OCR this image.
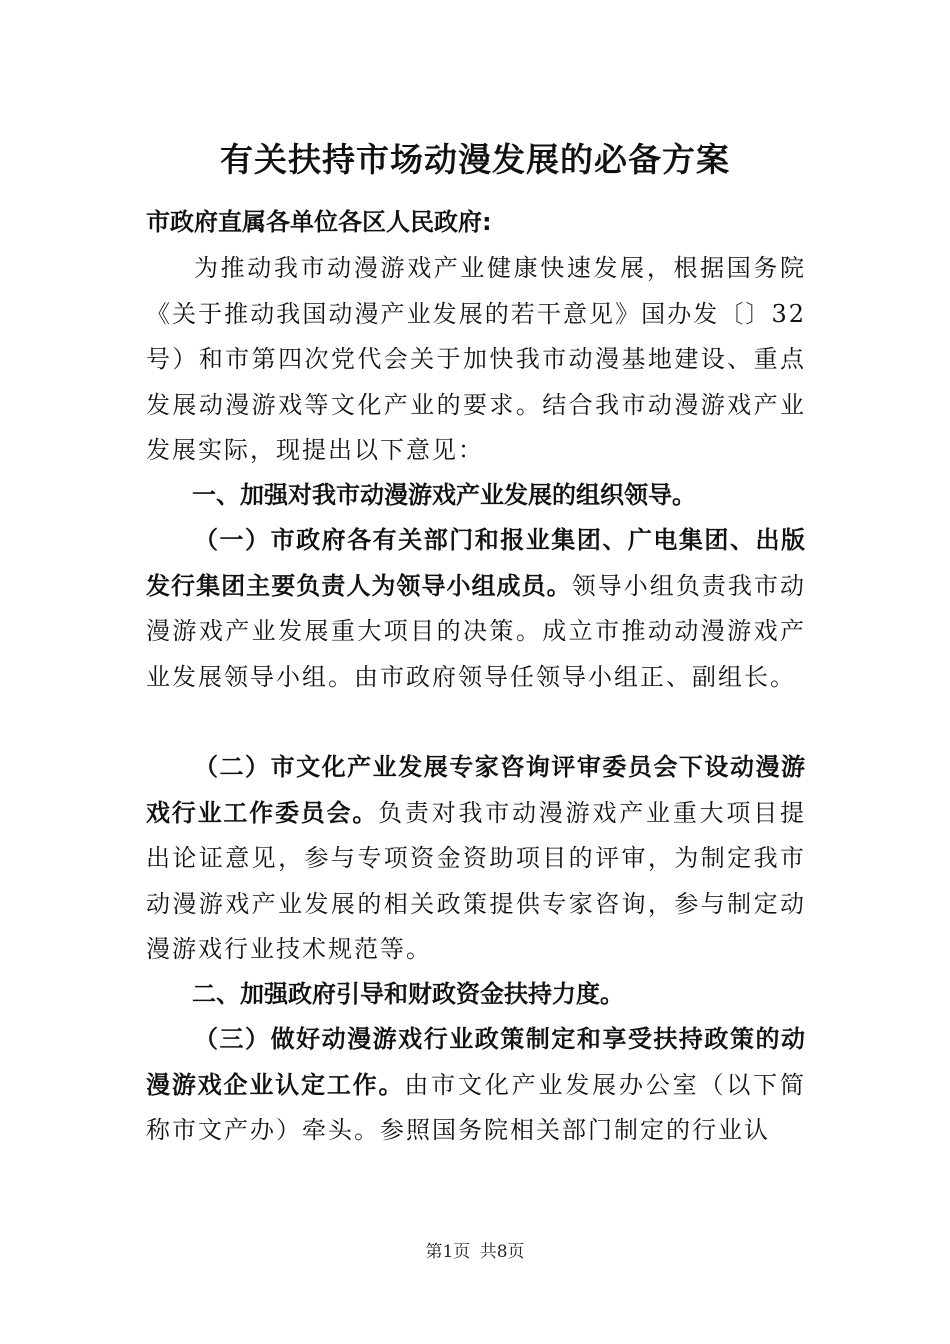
有关扶持市场动漫发展的必备方案
市政府直属各单位各区人民政府:
为推动我市动漫游戏产业健康快速发展，根据国务院《关于推动我国动漫产业发展的若干意见》国办发〔〕32号）和市第四次党代会关于加快我市动漫基地建设、重点发展动漫游戏等文化产业的要求。结合我市动漫游戏产业发展实际，现提出以下意见：
一、加强对我市动漫游戏产业发展的组织领导。
（一）市政府各有关部门和报业集团、广电集团、出版发行集团主要负责人为领导小组成员。领导小组负责我市动漫游戏产业发展重大项目的决策。成立市推动动漫游戏产业发展领导小组。由市政府领导任领导小组正、副组长。
（二）市文化产业发展专家咨询评审委员会下设动漫游戏行业工作委员会。负责对我市动漫游戏产业重大项目提出论证意见，参与专项资金资助项目的评审，为制定我市动漫游戏产业发展的相关政策提供专家咨询，参与制定动漫游戏行业技术规范等。
二、加强政府引导和财政资金扶持力度。
（三）做好动漫游戏行业政策制定和享受扶持政策的动漫游戏企业认定工作。由市文化产业发展办公室（以下简称市文产办）牵头。参照国务院相关部门制定的行业认
第1页 共8页
